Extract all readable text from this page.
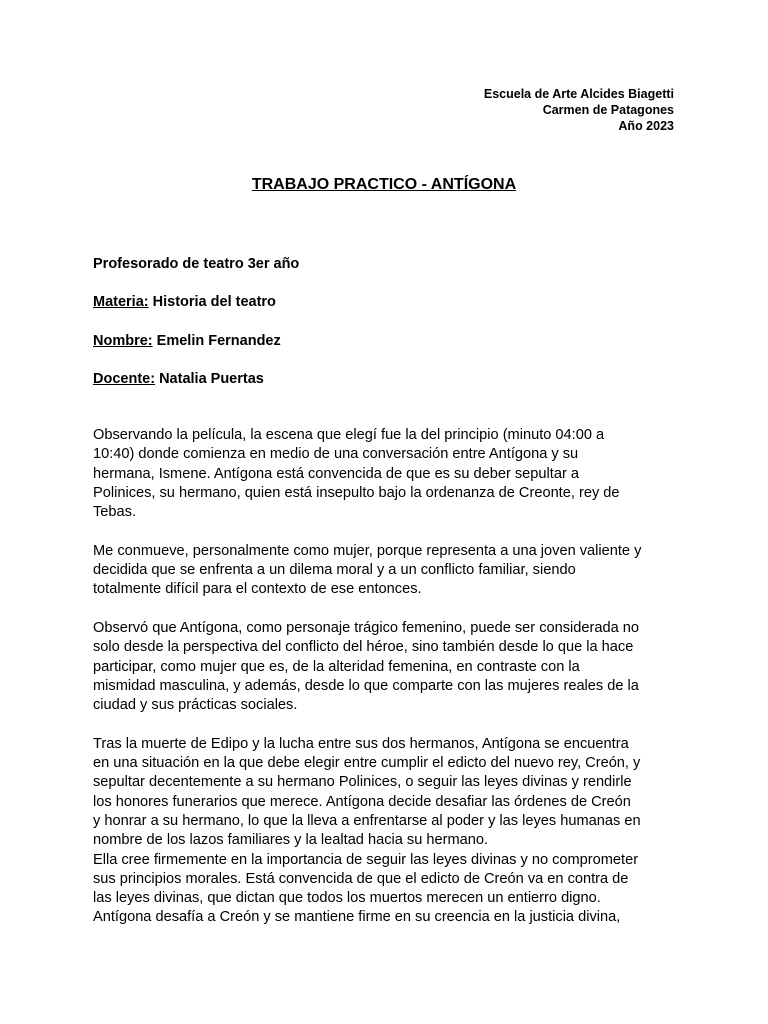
Escuela de Arte Alcides Biagetti
Carmen de Patagones
Año 2023
TRABAJO PRACTICO - ANTÍGONA
Profesorado de teatro 3er año
Materia: Historia del teatro
Nombre: Emelin Fernandez
Docente: Natalia Puertas

Observando la película, la escena que elegí fue la del principio (minuto 04:00 a
10:40) donde comienza en medio de una conversación entre Antígona y su
hermana, Ismene. Antígona está convencida de que es su deber sepultar a
Polinices, su hermano, quien está insepulto bajo la ordenanza de Creonte, rey de
Tebas.

Me conmueve, personalmente como mujer, porque representa a una joven valiente y
decidida que se enfrenta a un dilema moral y a un conflicto familiar, siendo
totalmente difícil para el contexto de ese entonces.

Observó que Antígona, como personaje trágico femenino, puede ser considerada no
solo desde la perspectiva del conflicto del héroe, sino también desde lo que la hace
participar, como mujer que es, de la alteridad femenina, en contraste con la
mismidad masculina, y además, desde lo que comparte con las mujeres reales de la
ciudad y sus prácticas sociales.

Tras la muerte de Edipo y la lucha entre sus dos hermanos, Antígona se encuentra
en una situación en la que debe elegir entre cumplir el edicto del nuevo rey, Creón, y
sepultar decentemente a su hermano Polinices, o seguir las leyes divinas y rendirle
los honores funerarios que merece. Antígona decide desafiar las órdenes de Creón
y honrar a su hermano, lo que la lleva a enfrentarse al poder y las leyes humanas en
nombre de los lazos familiares y la lealtad hacia su hermano.
Ella cree firmemente en la importancia de seguir las leyes divinas y no comprometer
sus principios morales. Está convencida de que el edicto de Creón va en contra de
las leyes divinas, que dictan que todos los muertos merecen un entierro digno.
Antígona desafía a Creón y se mantiene firme en su creencia en la justicia divina,
